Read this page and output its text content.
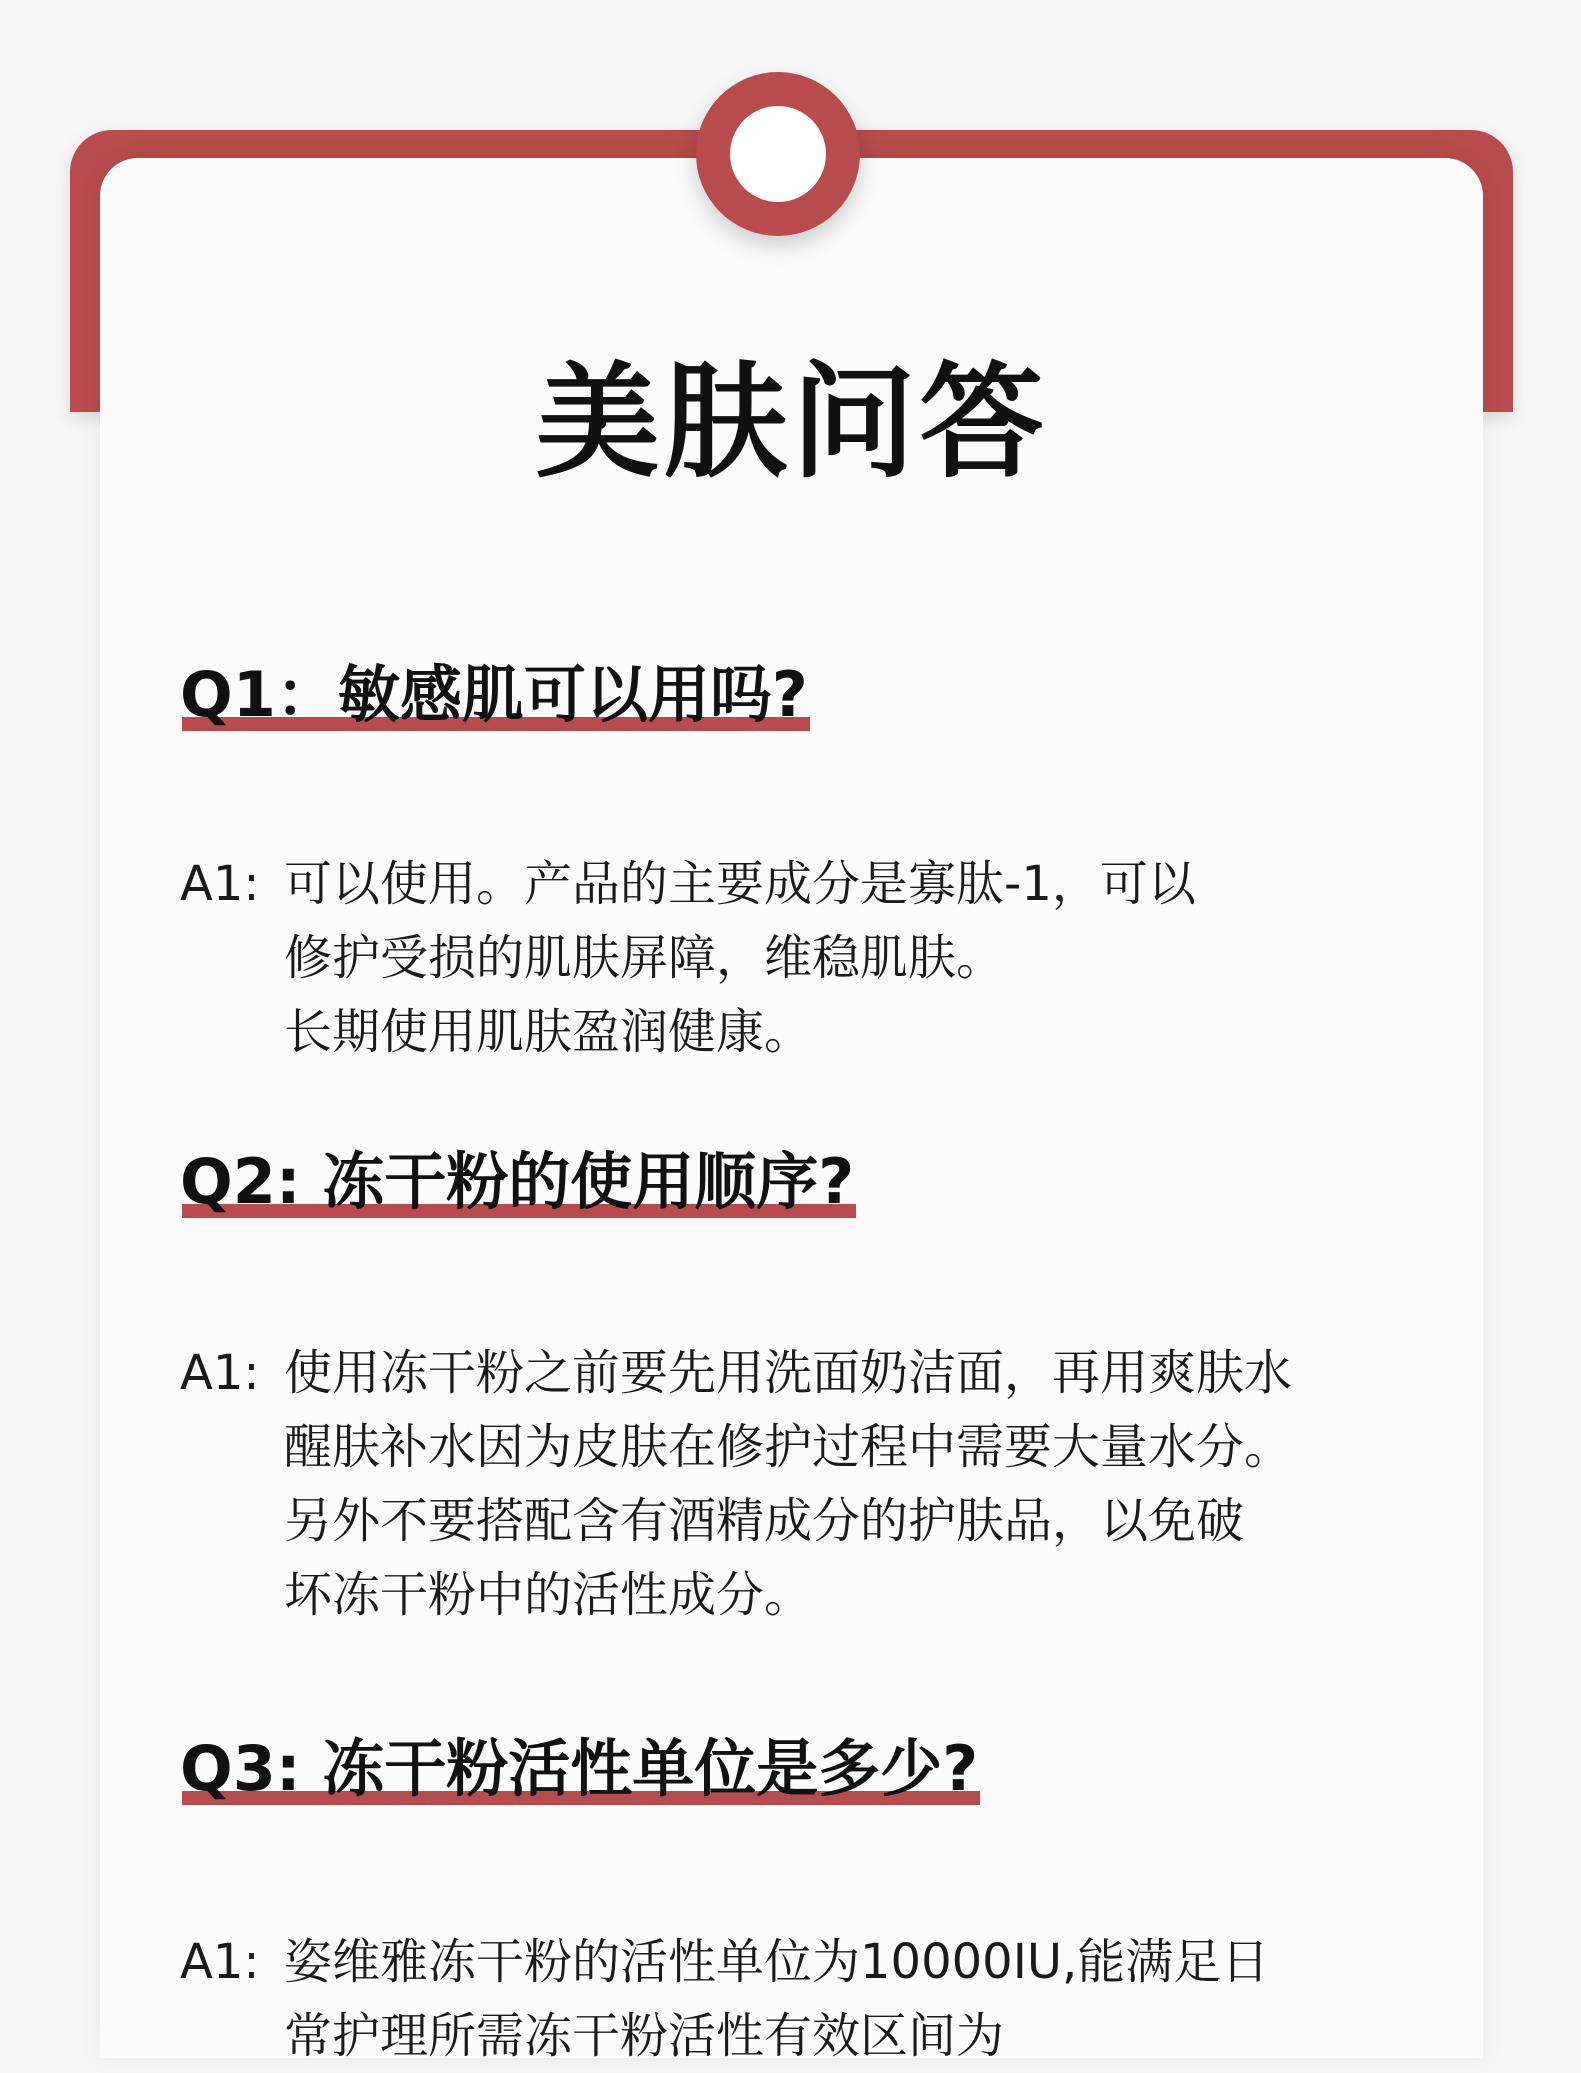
美肤问答
Q1：敏感肌可以用吗?
A1: 可以使用。产品的主要成分是寡肽-1，可以
修护受损的肌肤屏障，维稳肌肤。
长期使用肌肤盈润健康。
Q2: 冻干粉的使用顺序?
A1: 使用冻干粉之前要先用洗面奶洁面，再用爽肤水
醒肤补水因为皮肤在修护过程中需要大量水分。
另外不要搭配含有酒精成分的护肤品，以免破
坏冻干粉中的活性成分。
Q3: 冻干粉活性单位是多少?
A1: 姿维雅冻干粉的活性单位为10000IU,能满足日
常护理所需冻干粉活性有效区间为
